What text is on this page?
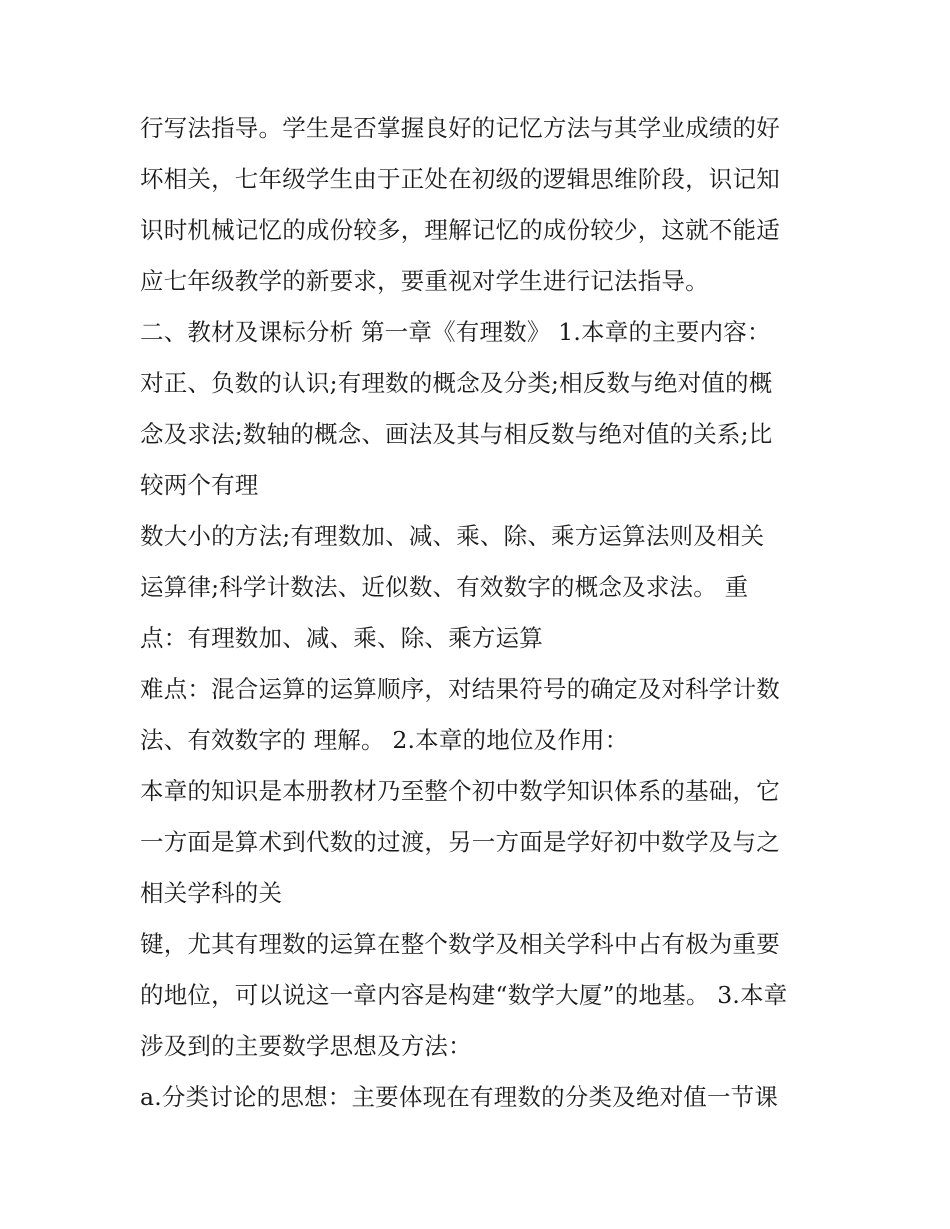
行写法指导。学生是否掌握良好的记忆方法与其学业成绩的好
坏相关，七年级学生由于正处在初级的逻辑思维阶段，识记知
识时机械记忆的成份较多，理解记忆的成份较少，这就不能适
应七年级教学的新要求，要重视对学生进行记法指导。
二、教材及课标分析 第一章《有理数》 1.本章的主要内容：
对正、负数的认识;有理数的概念及分类;相反数与绝对值的概
念及求法;数轴的概念、画法及其与相反数与绝对值的关系;比
较两个有理
数大小的方法;有理数加、减、乘、除、乘方运算法则及相关
运算律;科学计数法、近似数、有效数字的概念及求法。 重
点：有理数加、减、乘、除、乘方运算
难点：混合运算的运算顺序，对结果符号的确定及对科学计数
法、有效数字的 理解。 2.本章的地位及作用：
本章的知识是本册教材乃至整个初中数学知识体系的基础，它
一方面是算术到代数的过渡，另一方面是学好初中数学及与之
相关学科的关
键，尤其有理数的运算在整个数学及相关学科中占有极为重要
的地位，可以说这一章内容是构建“数学大厦”的地基。 3.本章
涉及到的主要数学思想及方法：
a.分类讨论的思想：主要体现在有理数的分类及绝对值一节课
